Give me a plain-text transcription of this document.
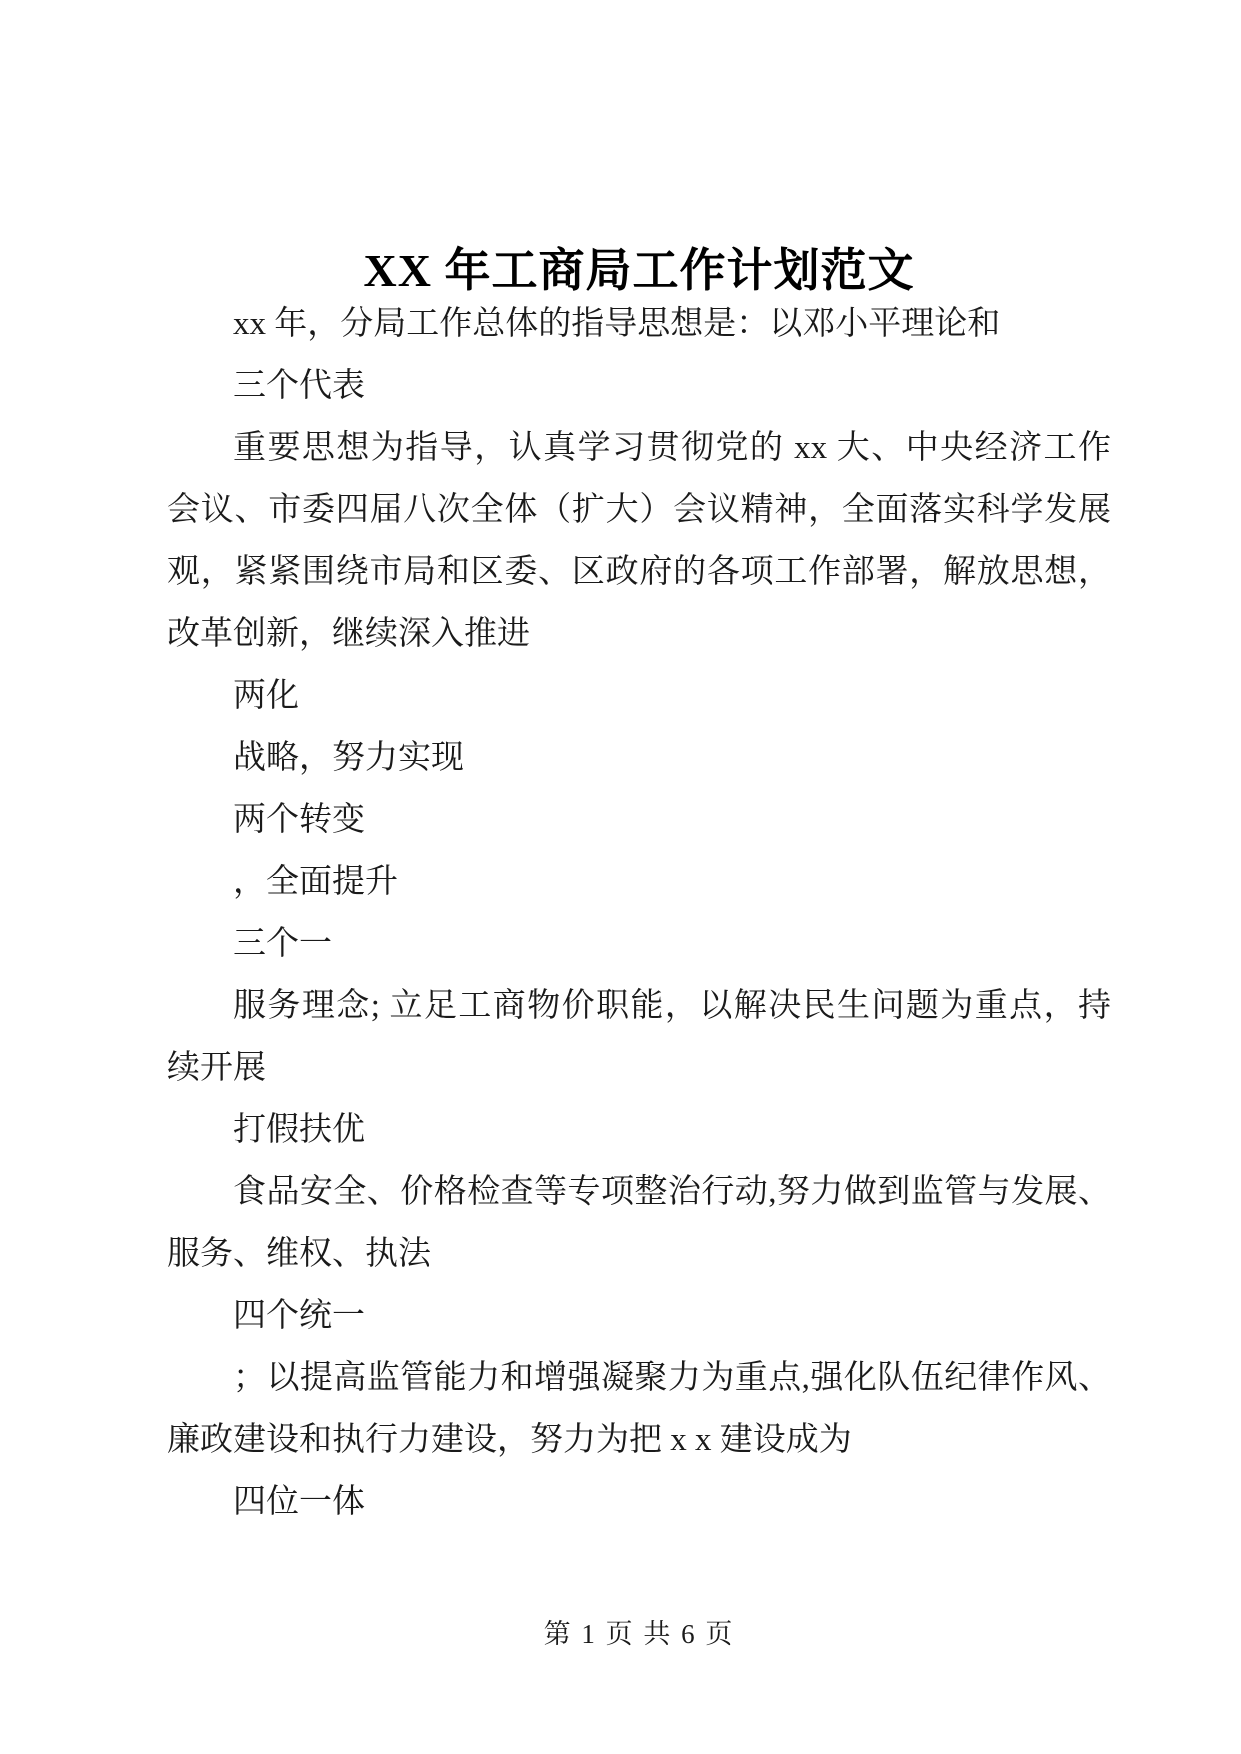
XX 年工商局工作计划范文
xx 年，分局工作总体的指导思想是：以邓小平理论和
三个代表
重要思想为指导，认真学习贯彻党的 xx 大、中央经济工作
会议、市委四届八次全体（扩大）会议精神，全面落实科学发展
观，紧紧围绕市局和区委、区政府的各项工作部署，解放思想，
改革创新，继续深入推进
两化
战略，努力实现
两个转变
，全面提升
三个一
服务理念; 立足工商物价职能，以解决民生问题为重点，持
续开展
打假扶优
食品安全、价格检查等专项整治行动,努力做到监管与发展、
服务、维权、执法
四个统一
；以提高监管能力和增强凝聚力为重点,强化队伍纪律作风、
廉政建设和执行力建设，努力为把 x x 建设成为
四位一体
第 1 页 共 6 页
